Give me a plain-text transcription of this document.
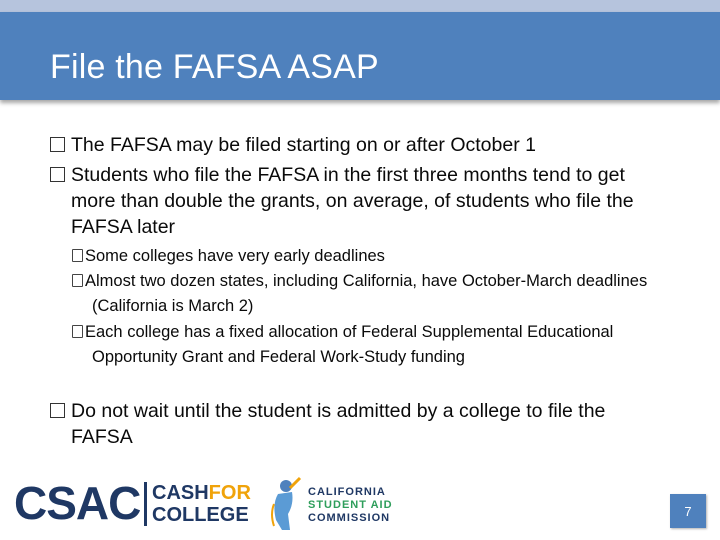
File the FAFSA ASAP
The FAFSA may be filed starting on or after October 1
Students who file the FAFSA in the first three months tend to get more than double the grants, on average, of students who file the FAFSA later
Some colleges have very early deadlines
Almost two dozen states, including California, have October-March deadlines (California is March 2)
Each college has a fixed allocation of Federal Supplemental Educational Opportunity Grant and Federal Work-Study funding
Do not wait until the student is admitted by a college to file the FAFSA
CSAC CASHFOR
COLLEGE
CALIFORNIA
STUDENT AID
COMMISSION	7
